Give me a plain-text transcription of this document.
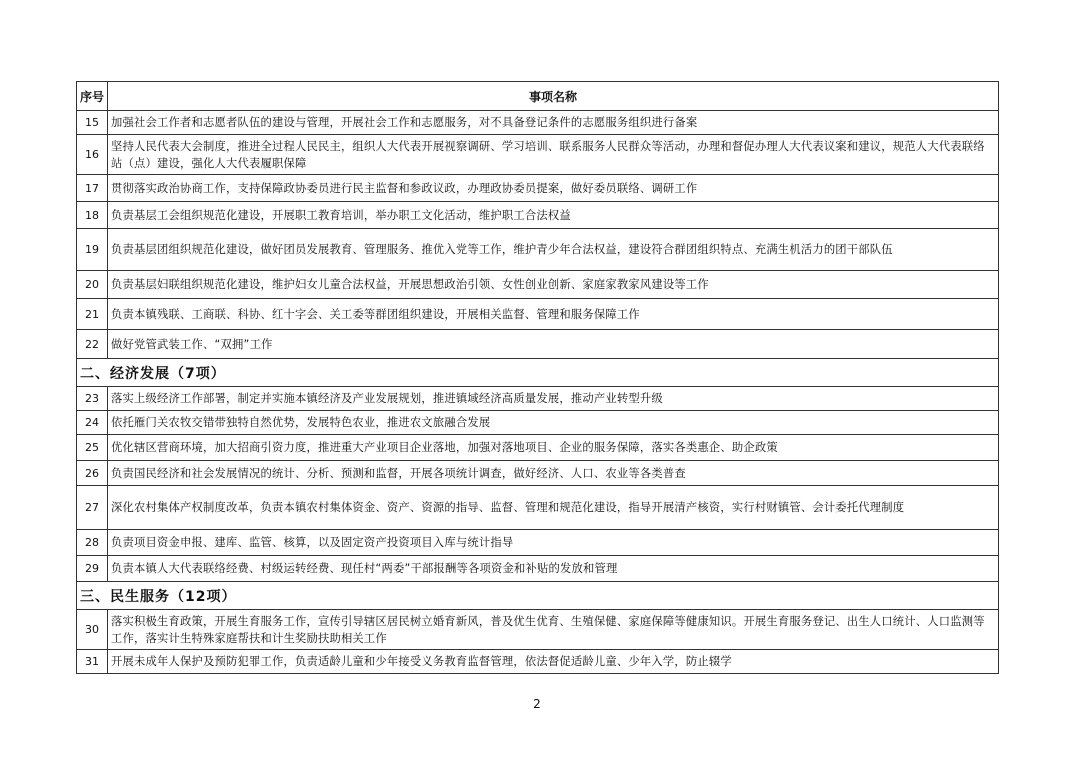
序号	事项名称
15	加强社会工作者和志愿者队伍的建设与管理，开展社会工作和志愿服务，对不具备登记条件的志愿服务组织进行备案
16	坚持人民代表大会制度，推进全过程人民民主，组织人大代表开展视察调研、学习培训、联系服务人民群众等活动，办理和督促办理人大代表议案和建议，规范人大代表联络站（点）建设，强化人大代表履职保障
17	贯彻落实政治协商工作，支持保障政协委员进行民主监督和参政议政，办理政协委员提案，做好委员联络、调研工作
18	负责基层工会组织规范化建设，开展职工教育培训，举办职工文化活动，维护职工合法权益
19	负责基层团组织规范化建设，做好团员发展教育、管理服务、推优入党等工作，维护青少年合法权益，建设符合群团组织特点、充满生机活力的团干部队伍
20	负责基层妇联组织规范化建设，维护妇女儿童合法权益，开展思想政治引领、女性创业创新、家庭家教家风建设等工作
21	负责本镇残联、工商联、科协、红十字会、关工委等群团组织建设，开展相关监督、管理和服务保障工作
22	做好党管武装工作、“双拥”工作
二、经济发展（7项）	
23	落实上级经济工作部署，制定并实施本镇经济及产业发展规划，推进镇域经济高质量发展，推动产业转型升级
24	依托雁门关农牧交错带独特自然优势，发展特色农业，推进农文旅融合发展
25	优化辖区营商环境，加大招商引资力度，推进重大产业项目企业落地，加强对落地项目、企业的服务保障，落实各类惠企、助企政策
26	负责国民经济和社会发展情况的统计、分析、预测和监督，开展各项统计调查，做好经济、人口、农业等各类普查
27	深化农村集体产权制度改革，负责本镇农村集体资金、资产、资源的指导、监督、管理和规范化建设，指导开展清产核资，实行村财镇管、会计委托代理制度
28	负责项目资金申报、建库、监管、核算，以及固定资产投资项目入库与统计指导
29	负责本镇人大代表联络经费、村级运转经费、现任村“两委”干部报酬等各项资金和补贴的发放和管理
三、民生服务（12项）	
30	落实积极生育政策，开展生育服务工作，宣传引导辖区居民树立婚育新风，普及优生优育、生殖保健、家庭保障等健康知识。开展生育服务登记、出生人口统计、人口监测等工作，落实计生特殊家庭帮扶和计生奖励扶助相关工作
31	开展未成年人保护及预防犯罪工作，负责适龄儿童和少年接受义务教育监督管理，依法督促适龄儿童、少年入学，防止辍学
2
